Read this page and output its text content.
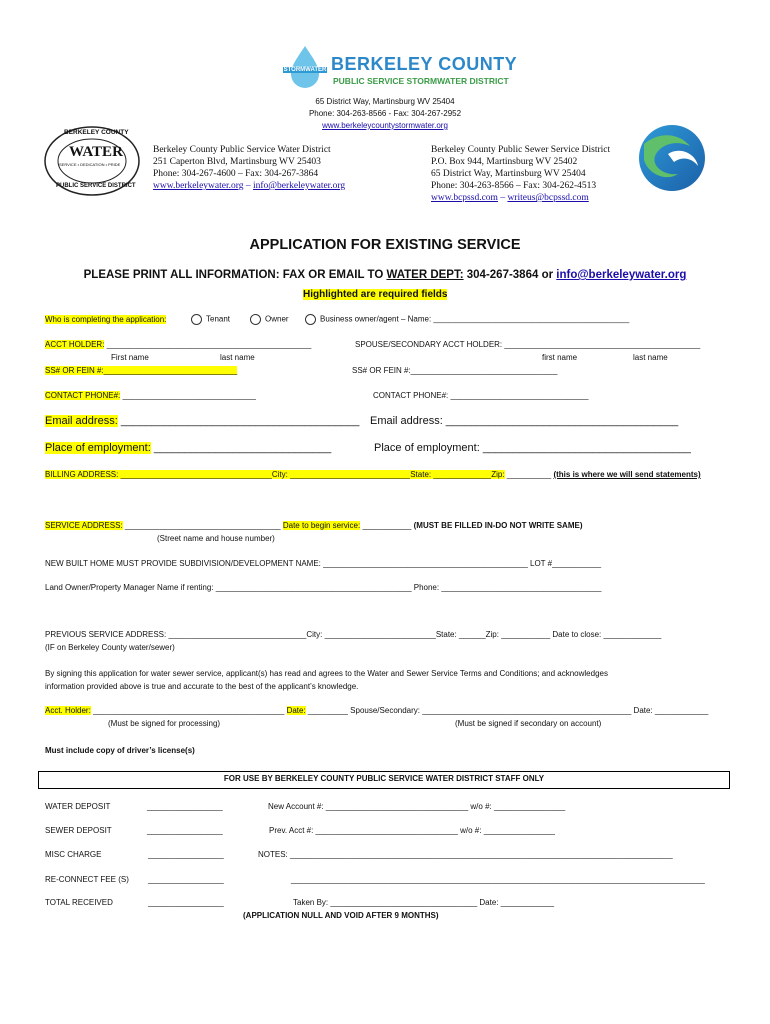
STORMWATER BERKELEY COUNTY
PUBLIC SERVICE STORMWATER DISTRICT
65 District Way, Martinsburg WV 25404
Phone: 304-263-8566 - Fax: 304-267-2952
www.berkeleycountystormwater.org
BERKELEY COUNTY
WATER
SERVICE • DEDICATION • PRIDE
PUBLIC SERVICE DISTRICT
Berkeley County Public Service Water District
251 Caperton Blvd, Martinsburg WV 25403
Phone: 304-267-4600 – Fax: 304-267-3864
www.berkeleywater.org – info@berkeleywater.org
Berkeley County Public Sewer Service District
P.O. Box 944, Martinsburg WV 25402
65 District Way, Martinsburg WV 25404
Phone: 304-263-8566 – Fax: 304-262-4513
www.bcpssd.com – writeus@bcpssd.com
APPLICATION FOR EXISTING SERVICE
PLEASE PRINT ALL INFORMATION: FAX OR EMAIL TO WATER DEPT: 304-267-3864 or info@berkeleywater.org
Highlighted are required fields
Who is completing the application:	Tenant	Owner	Business owner/agent – Name: ____________________________________________
ACCT HOLDER: ______________________________________________
First name	last name
SS# OR FEIN #:______________________________
SPOUSE/SECONDARY ACCT HOLDER: ____________________________________________
first name	last name
SS# OR FEIN #:_________________________________
CONTACT PHONE#: ______________________________	CONTACT PHONE#: _______________________________
Email address: _______________________________________ Email address: ______________________________________
Place of employment: _____________________________	Place of employment: __________________________________
BILLING ADDRESS: __________________________________City: ___________________________State: _____________Zip: __________ (this is where we will send statements)
SERVICE ADDRESS: ___________________________________ Date to begin service: ___________ (MUST BE FILLED IN-DO NOT WRITE SAME)
(Street name and house number)
NEW BUILT HOME MUST PROVIDE SUBDIVISION/DEVELOPMENT NAME: ______________________________________________ LOT #___________
Land Owner/Property Manager Name if renting: ____________________________________________ Phone: ____________________________________
PREVIOUS SERVICE ADDRESS: _______________________________City: _________________________State: ______Zip: ___________ Date to close: _____________
(IF on Berkeley County water/sewer)
By signing this application for water sewer service, applicant(s) has read and agrees to the Water and Sewer Service Terms and Conditions; and acknowledges
information provided above is true and accurate to the best of the applicant’s knowledge.
Acct. Holder: ___________________________________________ Date: _________ Spouse/Secondary: _______________________________________________ Date: ____________
(Must be signed for processing)	(Must be signed if secondary on account)
Must include copy of driver’s license(s)
FOR USE BY BERKELEY COUNTY PUBLIC SERVICE WATER DISTRICT STAFF ONLY
WATER DEPOSIT	_________________	New Account #: ________________________________ w/o #: ________________
SEWER DEPOSIT	_________________	Prev. Acct #: ________________________________ w/o #: ________________
MISC CHARGE	_________________	NOTES: ______________________________________________________________________________________
RE-CONNECT FEE (S) _________________	_____________________________________________________________________________________________
TOTAL RECEIVED	_________________	Taken By: _________________________________ Date: ____________
(APPLICATION NULL AND VOID AFTER 9 MONTHS)
